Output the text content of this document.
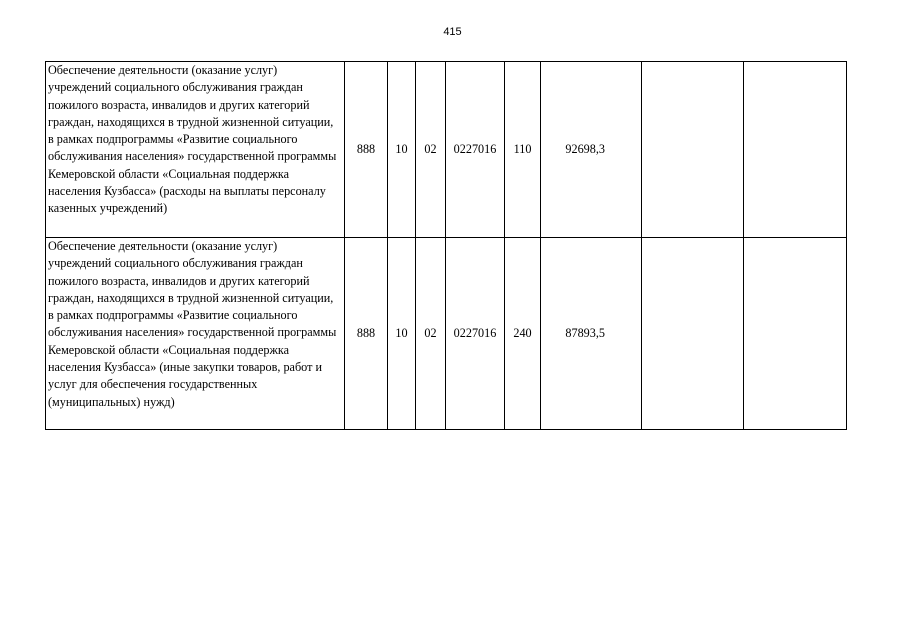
415
Обеспечение деятельности (оказание услуг) учреждений социального обслуживания граждан пожилого возраста, инвалидов и других категорий граждан, находящихся в трудной жизненной ситуации, в рамках подпрограммы «Развитие социального обслуживания населения» государственной программы Кемеровской области «Социальная поддержка населения Кузбасса» (расходы на выплаты персоналу казенных учреждений)	888	10	02	0227016	110	92698,3		
Обеспечение деятельности (оказание услуг) учреждений социального обслуживания граждан пожилого возраста, инвалидов и других категорий граждан, находящихся в трудной жизненной ситуации, в рамках подпрограммы «Развитие социального обслуживания населения» государственной программы Кемеровской области «Социальная поддержка населения Кузбасса» (иные закупки товаров, работ и услуг для обеспечения государственных (муниципальных) нужд)	888	10	02	0227016	240	87893,5		
